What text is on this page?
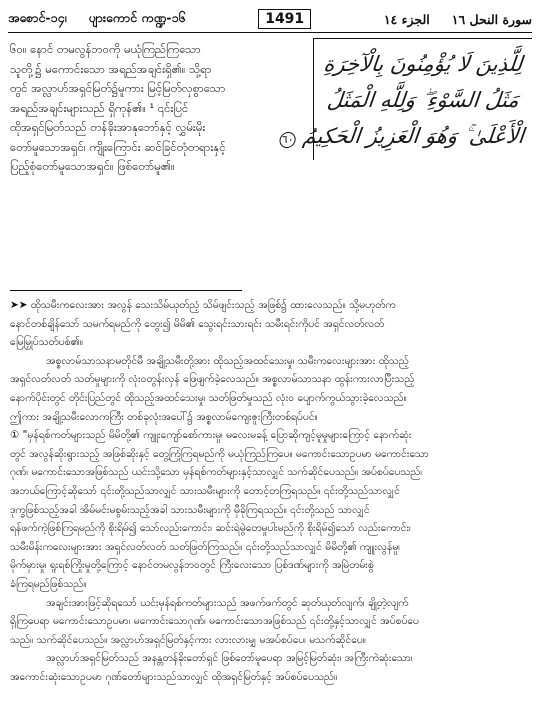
အစောင်-၁၄၊ ပျားကောင် ကဏ္ဍ-၁၆	1491	سورة النحل ١٦
الجزء ١٤
لِلَّذِينَ لَا يُؤْمِنُونَ بِالْآخِرَةِ
مَثَلُ السَّوْءِ ۖ وَلِلَّهِ الْمَثَلُ
الْأَعْلَىٰ ۚ وَهُوَ الْعَزِيزُ الْحَكِيمُ ٦٠
၆၀။ နောင် တမလွန်ဘဝကို မယုံကြည်ကြသော
သူတို့၌ မကောင်းသော အရည်အချင်းရှိ၏။ သို့ရာ
တွင် အလ္လာဟ်အရှင်မြတ်၌မူကား မြင့်မြတ်လှစွာသော
အရည်အချင်းများသည် ရှိကုန်၏။ ¹ ၎င်းပြင်
ထိုအရှင်မြတ်သည် တန်ခိုးအာနုဘော်နှင့် လွှမ်းမိုး
တော်မူသောအရှင်၊ ကျိုးကြောင်း ဆင်ခြင်တုံတရားနှင့်
ပြည့်စုံတော်မူသောအရှင်။ ဖြစ်တော်မူ၏။
➤➤ ထိုသမီးကလေးအား အလွန် သေးသိမ်ယုတ်ညံ့ သိမ်ဖျင်းသည့် အဖြစ်၌ ထားလေသည်။ သို့မဟုတ်က
နောင်တစ်ချိန်သော် သမက်ရမည်ကို တွေး၍ မိမိ၏ သွေးရင်းသားရင်း သမီးရင်းကိုပင် အရှင်လတ်လတ်
မြေမြှုပ်သတ်ပစ်၏။
အစ္စလာမ်သာသနာမတိုင်မီ အချို့သမီးတို့အား ထိုသည့်အထင်သေးမှု၊ သမီးကလေးများအား ထိုသည့်
အရှင်လတ်လတ် သတ်မှုများကို လုံးဝတွန်းလှန် ဖြေဖျက်ခဲ့လေသည်။ အစ္စလာမ်သာသနာ ထွန်းကားလာပြီးသည့်
နောက်ပိုင်းတွင် တိုင်းပြည်တွင် ထိုသည့်အထင်သေးမှု၊ သတ်ဖြတ်မှုသည် လုံးဝ ပျောက်ကွယ်သွားခဲ့လေသည်။
ဤကား အချို့သမီးလောကကြီး တစ်ခုလုံးအပေါ်၌ အစ္စလာမ်ကျေးဇူးကြီးတစ်ရပ်ပင်။
① "မှန်ရစ်ကတ်များသည် မိမိတို့၏ ကျူးကျော်စော်ကားမှု၊ မလေးမခန့် ပြောဆိုကျင့်မူမှုများကြောင့် နောက်ဆုံး
တွင် အလွန်ဆိုးရွားသည့် အဖြစ်ဆိုးနှင့် တွေ့ကြုံကြရမည်ကို မယုံကြည်ကြပေ။ မကောင်းသောဥပမာ မကောင်းသော
ဂုဏ်၊ မကောင်းသောအဖြစ်သည် ယင်းသို့သော မှန်ရစ်ကတ်များနှင့်သာလျှင် သက်ဆိုင်ပေသည်။ အပ်စပ်ပေသည်၊
အဘယ်ကြောင့်ဆိုသော် ၎င်းတို့သည်သာလျှင် သားသမီးများကို တောင့်တကြရသည်။ ၎င်းတို့သည်သာလျှင်
ဒုက္ခဖြစ်သည့်အခါ အိမ်မင်းမစွမ်းသည့်အခါ သားသမီးများကို မှီခိုကြရသည်။ ၎င်းတို့သည် သာလျှင်
ရန်ဖက်ကဲ့ဖြစ်ကြရမည်ကို စိုးရိမ်၍ သော်လည်းကောင်း၊ ဆင်းရဲမွဲတေမှုပါးမည်ကို စိုးရိမ်၍သော် လည်းကောင်း၊
သမီးမိန်းကလေးများအား အရှင်လတ်လတ် သတ်ဖြတ်ကြသည်။ ၎င်းတို့သည်သာလျှင် မိမိတို့၏ ကျူးလွန်မှု၊
မိုက်မှားမှု၊ ရူးရစ်ကြိုးမှုတို့ကြောင့် နောင်တမလွန်ဘဝတွင် ကြီးလေးသော ပြစ်ဒဏ်များကို အမြဲတမ်းစွဲ
ခံကြရမည်ဖြစ်သည်။
အချင်းအားဖြင့်ဆိုရသော် ယင်းမှန်ရစ်ကတ်များသည် အဖက်ဖက်တွင် ဆုတ်ယုတ်လျက်၊ ချို့တဲ့လျက်
ရှိကြပေရာ မကောင်းသောဥပမာ၊ မကောင်းသောဂုဏ်၊ မကောင်းသောအဖြစ်သည် ၎င်းတို့နှင့်သာလျှင် အပ်စပ်ပေ
သည်။ သက်ဆိုင်ပေသည်။ အလ္လာဟ်အရှင်မြတ်နှင့်ကား လားလားမျှ မအပ်စပ်ပေ၊ မသက်ဆိုင်ပေ။
အလ္လာဟ်အရှင်မြတ်သည် အနန္တတန်ခိုးတော်ရှင် ဖြစ်တော်မူပေရာ အမြင့်မြတ်ဆုံး၊ အကြီးကဲဆုံးသော၊
အကောင်းဆုံးသောဥပမာ ဂုဏ်တော်များသည်သာလျှင် ထိုအရှင်မြတ်နှင့် အပ်စပ်ပေသည်။
